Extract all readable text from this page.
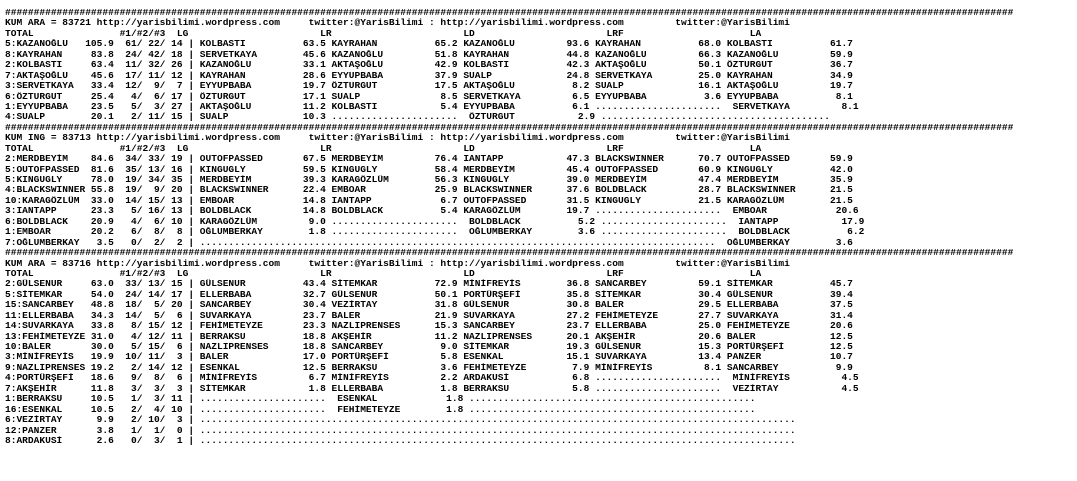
################################################################################################################################################################################
KUM ARA = 83721 http://yarisbilimi.wordpress.com     twitter:@YarisBilimi : http://yarisbilimi.wordpress.com         twitter:@YarisBilimi
TOTAL               #1/#2/#3  LG                       LR                       LD                       LRF                      LA
5:KAZANOĞLU   105.9  61/ 22/ 14 | KOLBASTI          63.5 KAYRAHAN          65.2 KAZANOĞLU         93.6 KAYRAHAN          68.0 KOLBASTI          61.7
8:KAYRAHAN     83.8  24/ 42/ 18 | SERVETKAYA        45.6 KAZANOĞLU         51.8 KAYRAHAN          44.8 KAZANOĞLU         66.3 KAZANOĞLU         59.9
2:KOLBASTI     63.4  11/ 32/ 26 | KAZANOĞLU         33.1 AKTAŞOĞLU         42.9 KOLBASTI          42.3 AKTAŞOĞLU         50.1 ÖZTURGUT          36.7
7:AKTAŞOĞLU    45.6  17/ 11/ 12 | KAYRAHAN          28.6 EYYUPBABA         37.9 SUALP             24.8 SERVETKAYA        25.0 KAYRAHAN          34.9
3:SERVETKAYA   33.4  12/  9/  7 | EYYUPBABA         19.7 ÖZTURGUT          17.5 AKTAŞOĞLU          8.2 SUALP             16.1 AKTAŞOĞLU         19.7
6:ÖZTURGUT     25.4   4/  6/ 17 | ÖZTURGUT          17.1 SUALP              8.5 SERVETKAYA         6.5 EYYUPBABA          3.6 EYYUPBABA          8.1
1:EYYUPBABA    23.5   5/  3/ 27 | AKTAŞOĞLU         11.2 KOLBASTI           5.4 EYYUPBABA          6.1 ......................  SERVETKAYA         8.1
4:SUALP        20.1   2/ 11/ 15 | SUALP             10.3 ......................  ÖZTURGUT           2.9 ........................................
################################################################################################################################################################################
KUM ING = 83713 http://yarisbilimi.wordpress.com     twitter:@YarisBilimi : http://yarisbilimi.wordpress.com         twitter:@YarisBilimi
TOTAL               #1/#2/#3  LG                       LR                       LD                       LRF                      LA
2:MERDBEYİM    84.6  34/ 33/ 19 | OUTOFPASSED       67.5 MERDBEYİM         76.4 IANTAPP           47.3 BLACKSWINNER      70.7 OUTOFPASSED       59.9
5:OUTOFPASSED  81.6  35/ 13/ 16 | KINGUGLY          59.5 KINGUGLY          58.4 MERDBEYİM         45.4 OUTOFPASSED       60.9 KINGUGLY          42.0
5:KINGUGLY     78.0  19/ 34/ 35 | MERDBEYİM         39.3 KARAGÖZLÜM        56.3 KINGUGLY          39.0 MERDBEYİM         47.4 MERDBEYİM         35.9
4:BLACKSWINNER 55.8  19/  9/ 20 | BLACKSWINNER      22.4 EMBOAR            25.9 BLACKSWINNER      37.6 BOLDBLACK         28.7 BLACKSWINNER      21.5
10:KARAGÖZLÜM  33.0  14/ 15/ 13 | EMBOAR            14.8 IANTAPP            6.7 OUTOFPASSED       31.5 KINGUGLY          21.5 KARAGÖZLÜM        21.5
3:IANTAPP      23.3   5/ 16/ 13 | BOLDBLACK         14.8 BOLDBLACK          5.4 KARAGÖZLÜM        19.7 ......................  EMBOAR            20.6
6:BOLDBLACK    20.9   4/  6/ 10 | KARAGÖZLÜM         9.0 ......................  BOLDBLACK          5.2 ......................  IANTAPP           17.9
1:EMBOAR       20.2   6/  8/  8 | OĞLUMBERKAY        1.8 ......................  OĞLUMBERKAY        3.6 ......................  BOLDBLACK          6.2
7:OĞLUMBERKAY   3.5   0/  2/  2 | ..........................................................................................  OĞLUMBERKAY        3.6
################################################################################################################################################################################
KUM ARA = 83716 http://yarisbilimi.wordpress.com     twitter:@YarisBilimi : http://yarisbilimi.wordpress.com         twitter:@YarisBilimi
TOTAL               #1/#2/#3  LG                       LR                       LD                       LRF                      LA
2:GÜLSENUR     63.0  33/ 13/ 15 | GÜLSENUR          43.4 SİTEMKAR          72.9 MİNİFREYİS        36.8 SANCARBEY         59.1 SİTEMKAR          45.7
5:SİTEMKAR     54.0  24/ 14/ 17 | ELLERBABA         32.7 GÜLSENUR          50.1 PORTÜRŞEFİ        35.8 SİTEMKAR          30.4 GÜLSENUR          39.4
15:SANCARBEY   48.8  18/  5/ 20 | SANCARBEY         30.4 VEZİRTAY          31.8 GÜLSENUR          30.8 BALER             29.5 ELLERBABA         37.5
11:ELLERBABA   34.3  14/  5/  6 | SUVARKAYA         23.7 BALER             21.9 SUVARKAYA         27.2 FEHİMETEYZE       27.7 SUVARKAYA         31.4
14:SUVARKAYA   33.8   8/ 15/ 12 | FEHİMETEYZE       23.3 NAZLIPRENSES      15.3 SANCARBEY         23.7 ELLERBABA         25.0 FEHİMETEYZE       20.6
13:FEHİMETEYZE 31.0   4/ 12/ 11 | BERRAKSU          18.8 AKŞEHİR           11.2 NAZLIPRENSES      20.1 AKŞEHİR           20.6 BALER             12.5
10:BALER       30.0   5/ 15/  6 | NAZLIPRENSES      18.8 SANCARBEY          9.0 SİTEMKAR          19.3 GÜLSENUR          15.3 PORTÜRŞEFİ        12.5
3:MİNİFREYİS   19.9  10/ 11/  3 | BALER             17.0 PORTÜRŞEFİ         5.8 ESENKAL           15.1 SUVARKAYA         13.4 PANZER            10.7
9:NAZLIPRENSES 19.2   2/ 14/ 12 | ESENKAL           12.5 BERRAKSU           3.6 FEHİMETEYZE        7.9 MİNİFREYİS         8.1 SANCARBEY          9.9
4:PORTÜRŞEFİ   18.6   9/  8/  6 | MİNİFREYİS         6.7 MİNİFREYİS         2.2 ARDAKUSİ           6.8 ......................  MİNİFREYİS         4.5
7:AKŞEHİR      11.8   3/  3/  3 | SİTEMKAR           1.8 ELLERBABA          1.8 BERRAKSU           5.8 ......................  VEZİRTAY           4.5
1:BERRAKSU     10.5   1/  3/ 11 | ......................  ESENKAL            1.8 ..................................................
16:ESENKAL     10.5   2/  4/ 10 | ......................  FEHİMETEYZE        1.8 ..................................................
6:VEZİRTAY      9.9   2/ 10/  3 | ........................................................................................................
12:PANZER       3.8   1/  1/  0 | ........................................................................................................
8:ARDAKUSİ      2.6   0/  3/  1 | ........................................................................................................
